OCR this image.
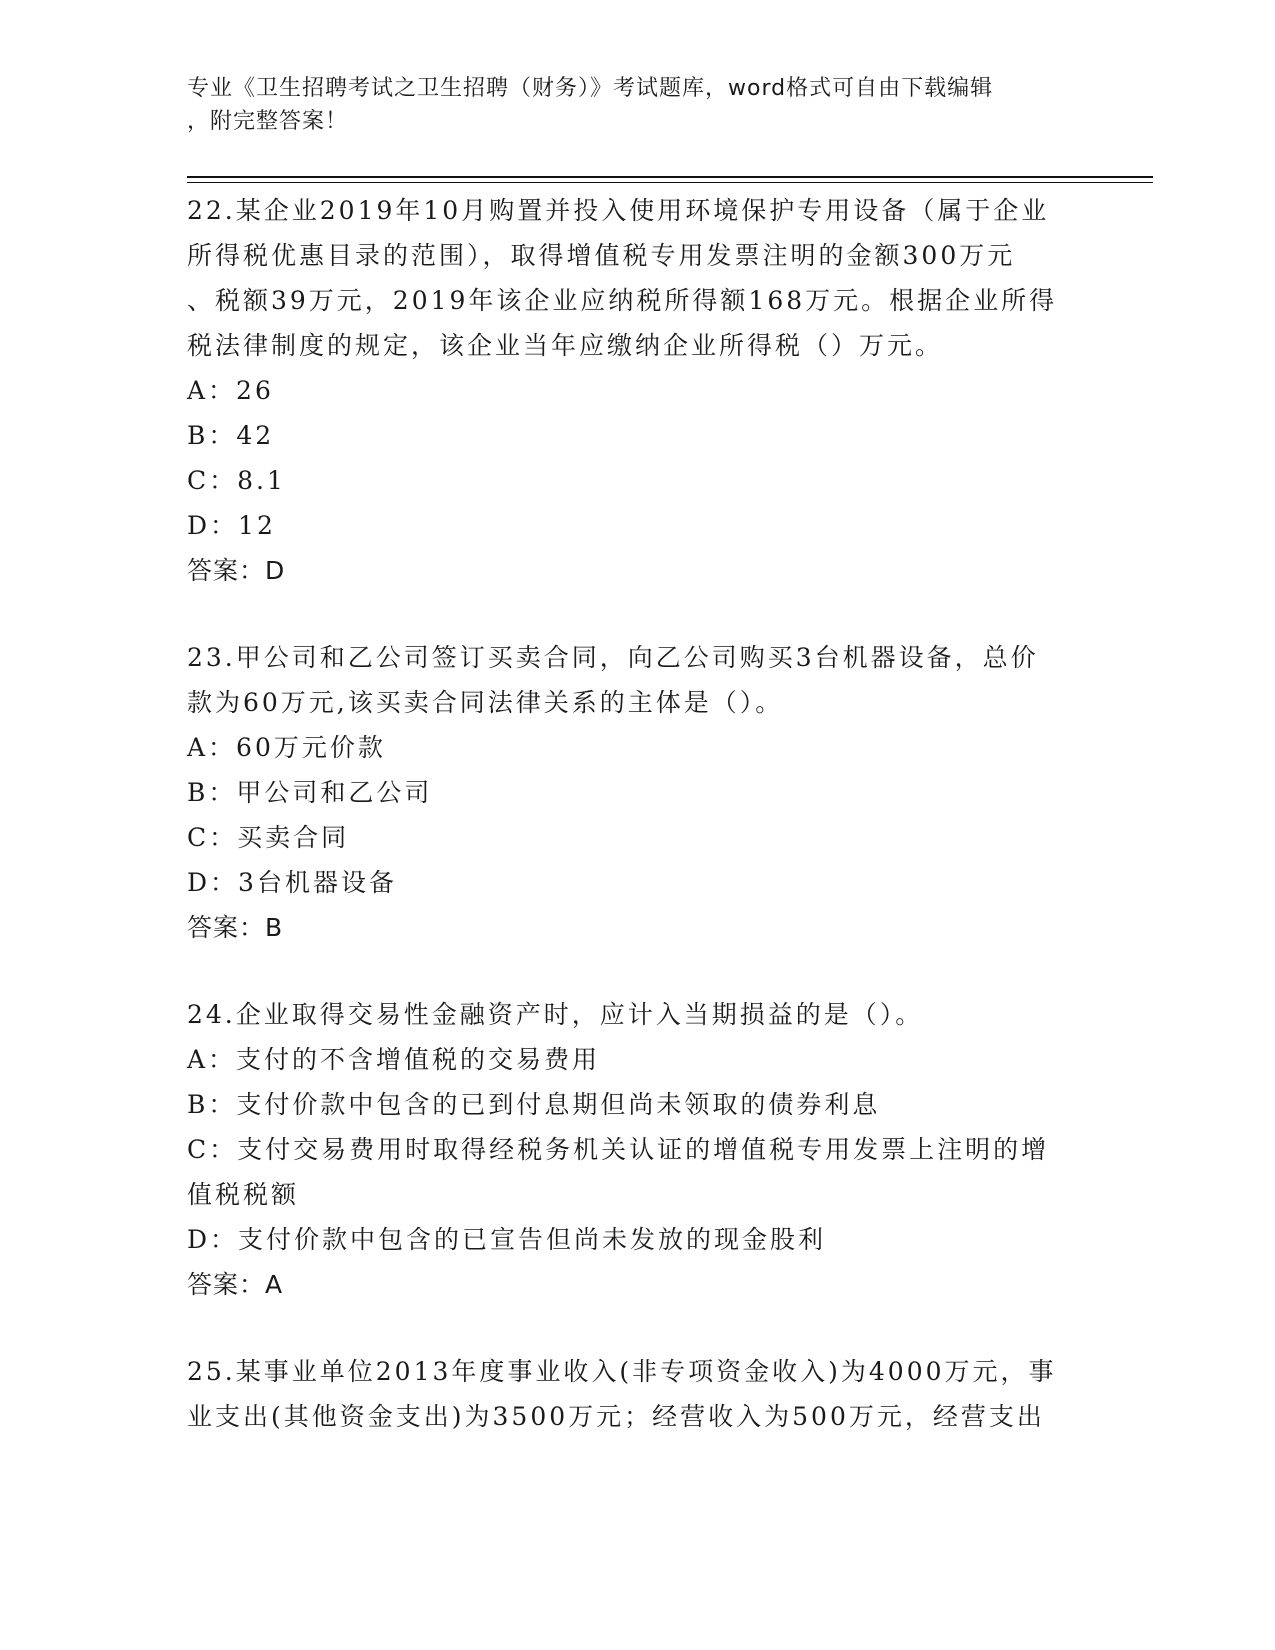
专业《卫生招聘考试之卫生招聘（财务）》考试题库，word格式可自由下载编辑
，附完整答案！
22.某企业2019年10月购置并投入使用环境保护专用设备（属于企业
所得税优惠目录的范围），取得增值税专用发票注明的金额300万元
、税额39万元，2019年该企业应纳税所得额168万元。根据企业所得
税法律制度的规定，该企业当年应缴纳企业所得税（）万元。
A：26
B：42
C：8.1
D：12
答案：D
23.甲公司和乙公司签订买卖合同，向乙公司购买3台机器设备，总价
款为60万元,该买卖合同法律关系的主体是（）。
A：60万元价款
B：甲公司和乙公司
C：买卖合同
D：3台机器设备
答案：B
24.企业取得交易性金融资产时，应计入当期损益的是（）。
A：支付的不含增值税的交易费用
B：支付价款中包含的已到付息期但尚未领取的债券利息
C：支付交易费用时取得经税务机关认证的增值税专用发票上注明的增
值税税额
D：支付价款中包含的已宣告但尚未发放的现金股利
答案：A
25.某事业单位2013年度事业收入(非专项资金收入)为4000万元，事
业支出(其他资金支出)为3500万元；经营收入为500万元，经营支出
